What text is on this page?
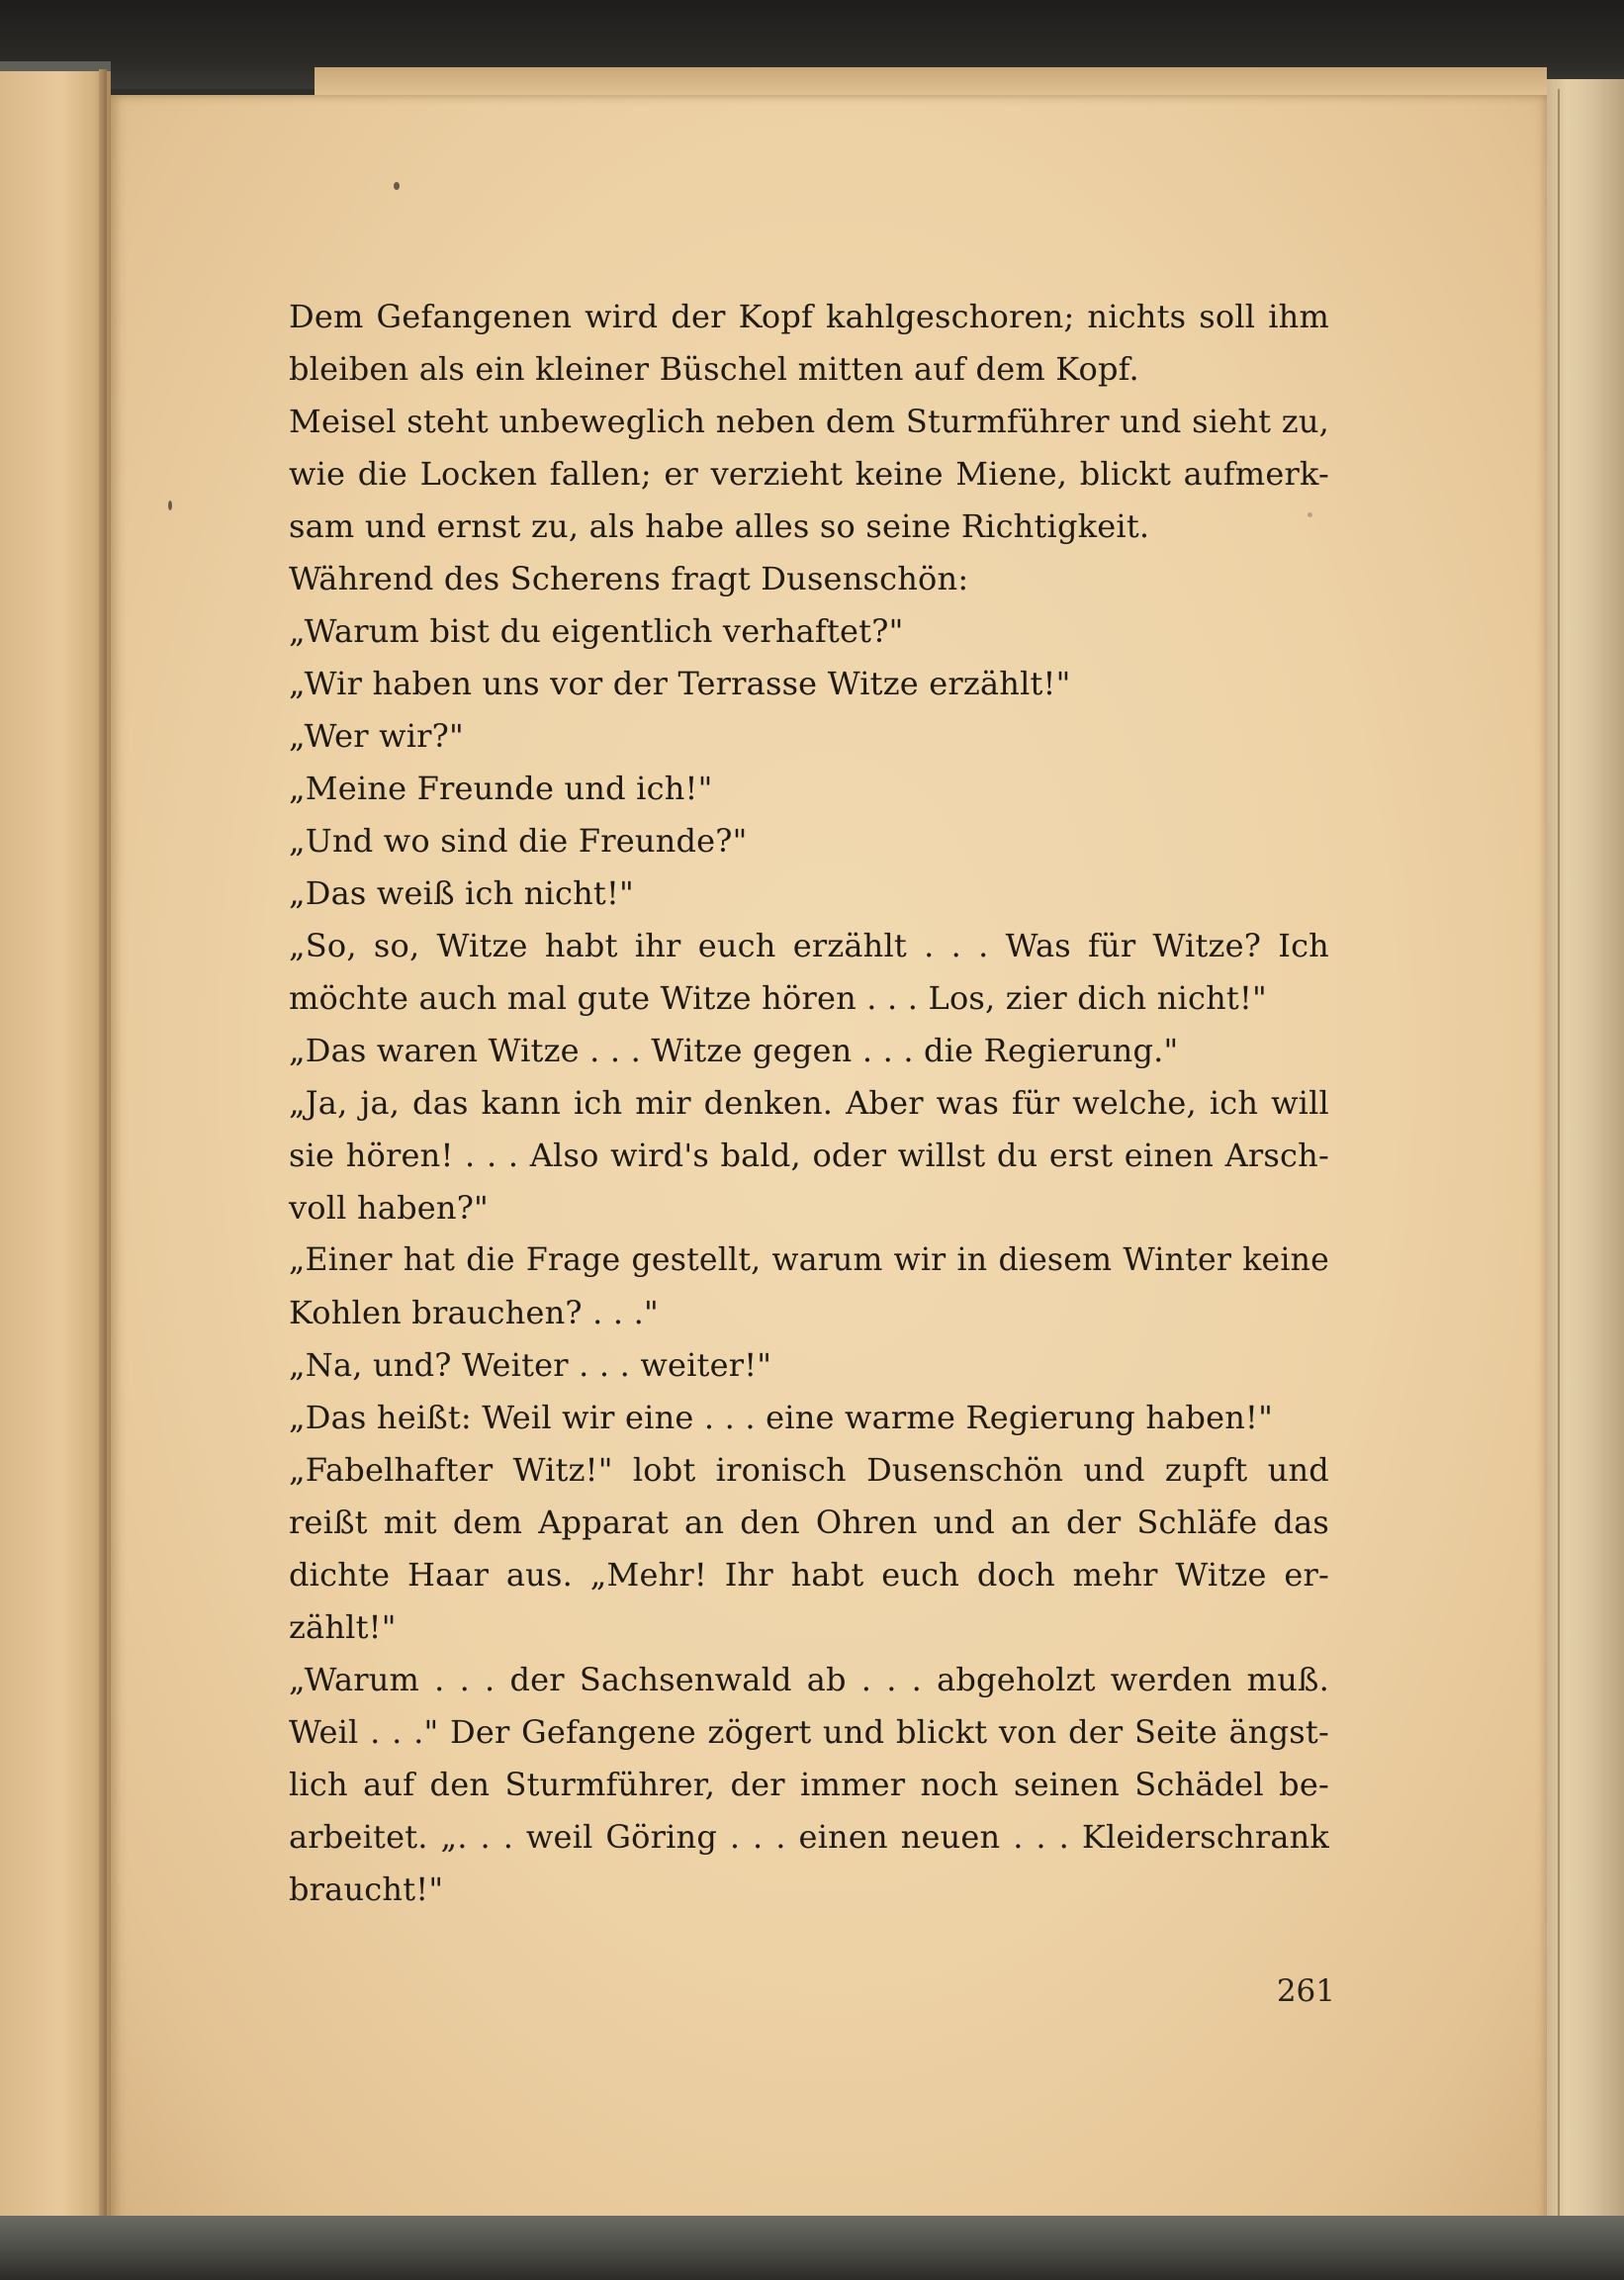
Dem Gefangenen wird der Kopf kahlgeschoren; nichts soll ihm
bleiben als ein kleiner Büschel mitten auf dem Kopf.
Meisel steht unbeweglich neben dem Sturmführer und sieht zu,
wie die Locken fallen; er verzieht keine Miene, blickt aufmerk-
sam und ernst zu, als habe alles so seine Richtigkeit.
Während des Scherens fragt Dusenschön:
„Warum bist du eigentlich verhaftet?"
„Wir haben uns vor der Terrasse Witze erzählt!"
„Wer wir?"
„Meine Freunde und ich!"
„Und wo sind die Freunde?"
„Das weiß ich nicht!"
„So, so, Witze habt ihr euch erzählt . . . Was für Witze? Ich
möchte auch mal gute Witze hören . . . Los, zier dich nicht!"
„Das waren Witze . . . Witze gegen . . . die Regierung."
„Ja, ja, das kann ich mir denken. Aber was für welche, ich will
sie hören! . . . Also wird's bald, oder willst du erst einen Arsch-
voll haben?"
„Einer hat die Frage gestellt, warum wir in diesem Winter keine
Kohlen brauchen? . . ."
„Na, und? Weiter . . . weiter!"
„Das heißt: Weil wir eine . . . eine warme Regierung haben!"
„Fabelhafter Witz!" lobt ironisch Dusenschön und zupft und
reißt mit dem Apparat an den Ohren und an der Schläfe das
dichte Haar aus. „Mehr! Ihr habt euch doch mehr Witze er-
zählt!"
„Warum . . . der Sachsenwald ab . . . abgeholzt werden muß.
Weil . . ." Der Gefangene zögert und blickt von der Seite ängst-
lich auf den Sturmführer, der immer noch seinen Schädel be-
arbeitet. „. . . weil Göring . . . einen neuen . . . Kleiderschrank
braucht!"
261
